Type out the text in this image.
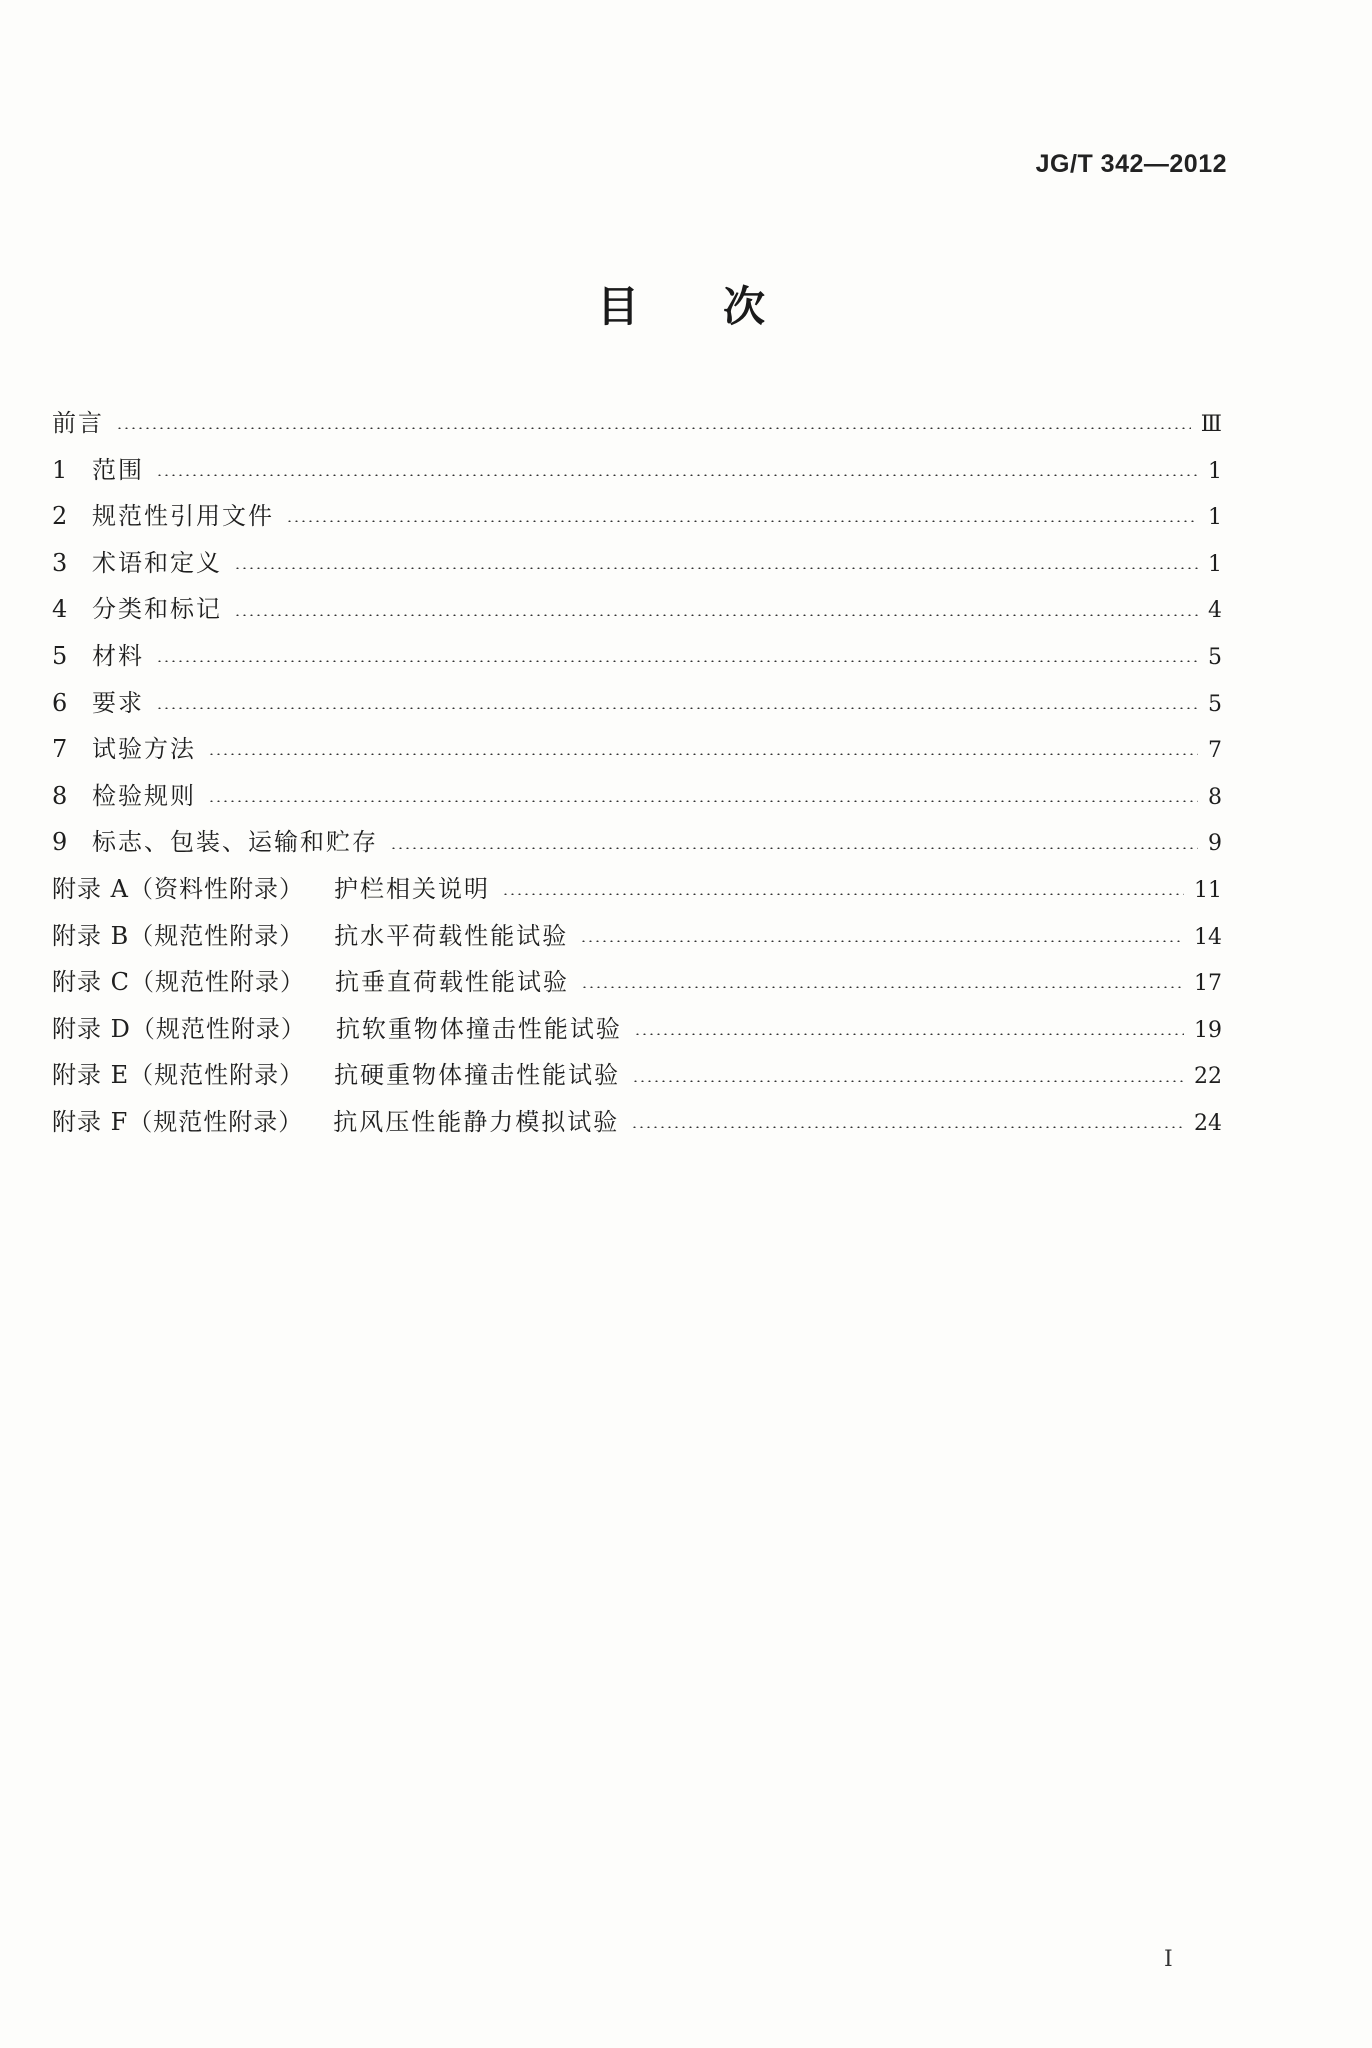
JG/T 342—2012
目次
前言	Ⅲ
1	范围	1
2	规范性引用文件	1
3	术语和定义	1
4	分类和标记	4
5	材料	5
6	要求	5
7	试验方法	7
8	检验规则	8
9	标志、包装、运输和贮存	9
附录 A（资料性附录） 护栏相关说明	11
附录 B（规范性附录） 抗水平荷载性能试验	14
附录 C（规范性附录） 抗垂直荷载性能试验	17
附录 D（规范性附录） 抗软重物体撞击性能试验	19
附录 E（规范性附录） 抗硬重物体撞击性能试验	22
附录 F（规范性附录） 抗风压性能静力模拟试验	24
I
